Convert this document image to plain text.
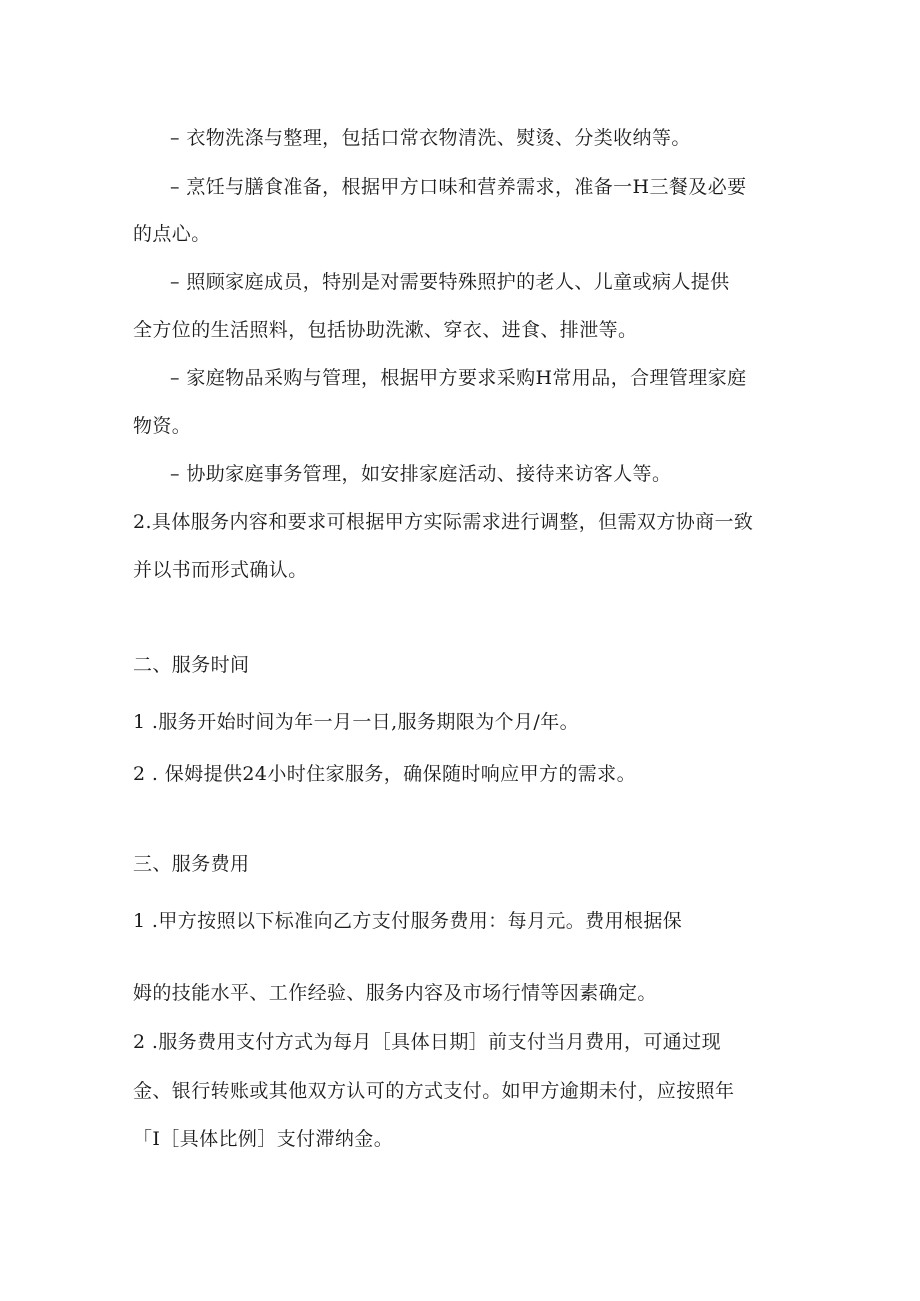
– 衣物洗涤与整理，包括口常衣物清洗、熨烫、分类收纳等。
– 烹饪与膳食准备，根据甲方口味和营养需求，准备一H三餐及必要
的点心。
– 照顾家庭成员，特别是对需要特殊照护的老人、儿童或病人提供
全方位的生活照料，包括协助洗漱、穿衣、进食、排泄等。
– 家庭物品采购与管理，根据甲方要求采购H常用品，合理管理家庭
物资。
– 协助家庭事务管理，如安排家庭活动、接待来访客人等。
2.具体服务内容和要求可根据甲方实际需求进行调整，但需双方协商一致
并以书而形式确认。
二、服务时间
1 .服务开始时间为年一月一日,服务期限为个月/年。
2 . 保姆提供24小时住家服务，确保随时响应甲方的需求。
三、服务费用
1 .甲方按照以下标准向乙方支付服务费用：每月元。费用根据保
姆的技能水平、工作经验、服务内容及市场行情等因素确定。
2 .服务费用支付方式为每月［具体日期］前支付当月费用，可通过现
金、银行转账或其他双方认可的方式支付。如甲方逾期未付，应按照年
「I［具体比例］支付滞纳金。
